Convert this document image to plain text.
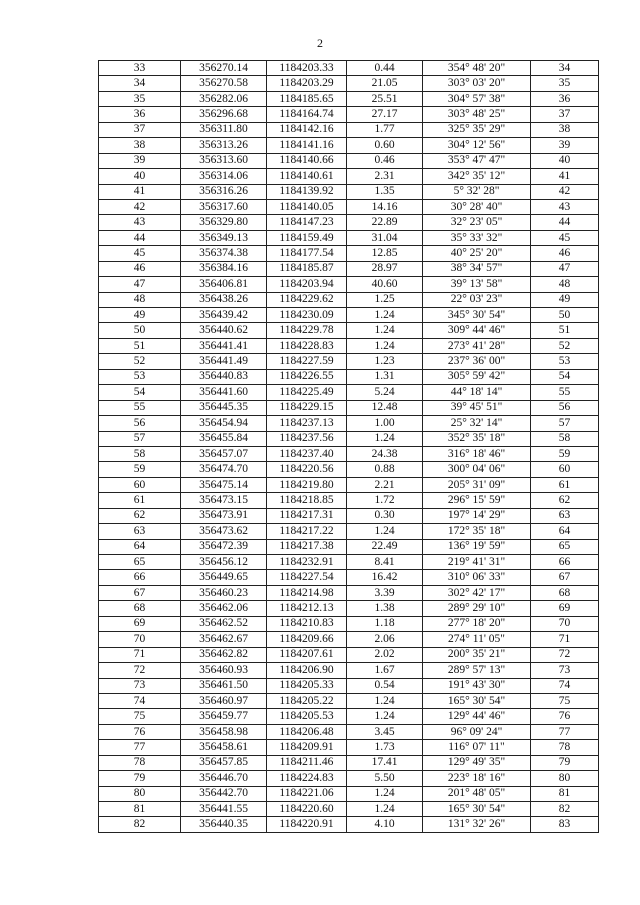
2
33	356270.14	1184203.33	0.44	354° 48' 20"	34
34	356270.58	1184203.29	21.05	303° 03' 20"	35
35	356282.06	1184185.65	25.51	304° 57' 38"	36
36	356296.68	1184164.74	27.17	303° 48' 25"	37
37	356311.80	1184142.16	1.77	325° 35' 29"	38
38	356313.26	1184141.16	0.60	304° 12' 56"	39
39	356313.60	1184140.66	0.46	353° 47' 47"	40
40	356314.06	1184140.61	2.31	342° 35' 12"	41
41	356316.26	1184139.92	1.35	5° 32' 28"	42
42	356317.60	1184140.05	14.16	30° 28' 40"	43
43	356329.80	1184147.23	22.89	32° 23' 05"	44
44	356349.13	1184159.49	31.04	35° 33' 32"	45
45	356374.38	1184177.54	12.85	40° 25' 20"	46
46	356384.16	1184185.87	28.97	38° 34' 57"	47
47	356406.81	1184203.94	40.60	39° 13' 58"	48
48	356438.26	1184229.62	1.25	22° 03' 23"	49
49	356439.42	1184230.09	1.24	345° 30' 54"	50
50	356440.62	1184229.78	1.24	309° 44' 46"	51
51	356441.41	1184228.83	1.24	273° 41' 28"	52
52	356441.49	1184227.59	1.23	237° 36' 00"	53
53	356440.83	1184226.55	1.31	305° 59' 42"	54
54	356441.60	1184225.49	5.24	44° 18' 14"	55
55	356445.35	1184229.15	12.48	39° 45' 51"	56
56	356454.94	1184237.13	1.00	25° 32' 14"	57
57	356455.84	1184237.56	1.24	352° 35' 18"	58
58	356457.07	1184237.40	24.38	316° 18' 46"	59
59	356474.70	1184220.56	0.88	300° 04' 06"	60
60	356475.14	1184219.80	2.21	205° 31' 09"	61
61	356473.15	1184218.85	1.72	296° 15' 59"	62
62	356473.91	1184217.31	0.30	197° 14' 29"	63
63	356473.62	1184217.22	1.24	172° 35' 18"	64
64	356472.39	1184217.38	22.49	136° 19' 59"	65
65	356456.12	1184232.91	8.41	219° 41' 31"	66
66	356449.65	1184227.54	16.42	310° 06' 33"	67
67	356460.23	1184214.98	3.39	302° 42' 17"	68
68	356462.06	1184212.13	1.38	289° 29' 10"	69
69	356462.52	1184210.83	1.18	277° 18' 20"	70
70	356462.67	1184209.66	2.06	274° 11' 05"	71
71	356462.82	1184207.61	2.02	200° 35' 21"	72
72	356460.93	1184206.90	1.67	289° 57' 13"	73
73	356461.50	1184205.33	0.54	191° 43' 30"	74
74	356460.97	1184205.22	1.24	165° 30' 54"	75
75	356459.77	1184205.53	1.24	129° 44' 46"	76
76	356458.98	1184206.48	3.45	96° 09' 24"	77
77	356458.61	1184209.91	1.73	116° 07' 11"	78
78	356457.85	1184211.46	17.41	129° 49' 35"	79
79	356446.70	1184224.83	5.50	223° 18' 16"	80
80	356442.70	1184221.06	1.24	201° 48' 05"	81
81	356441.55	1184220.60	1.24	165° 30' 54"	82
82	356440.35	1184220.91	4.10	131° 32' 26"	83
